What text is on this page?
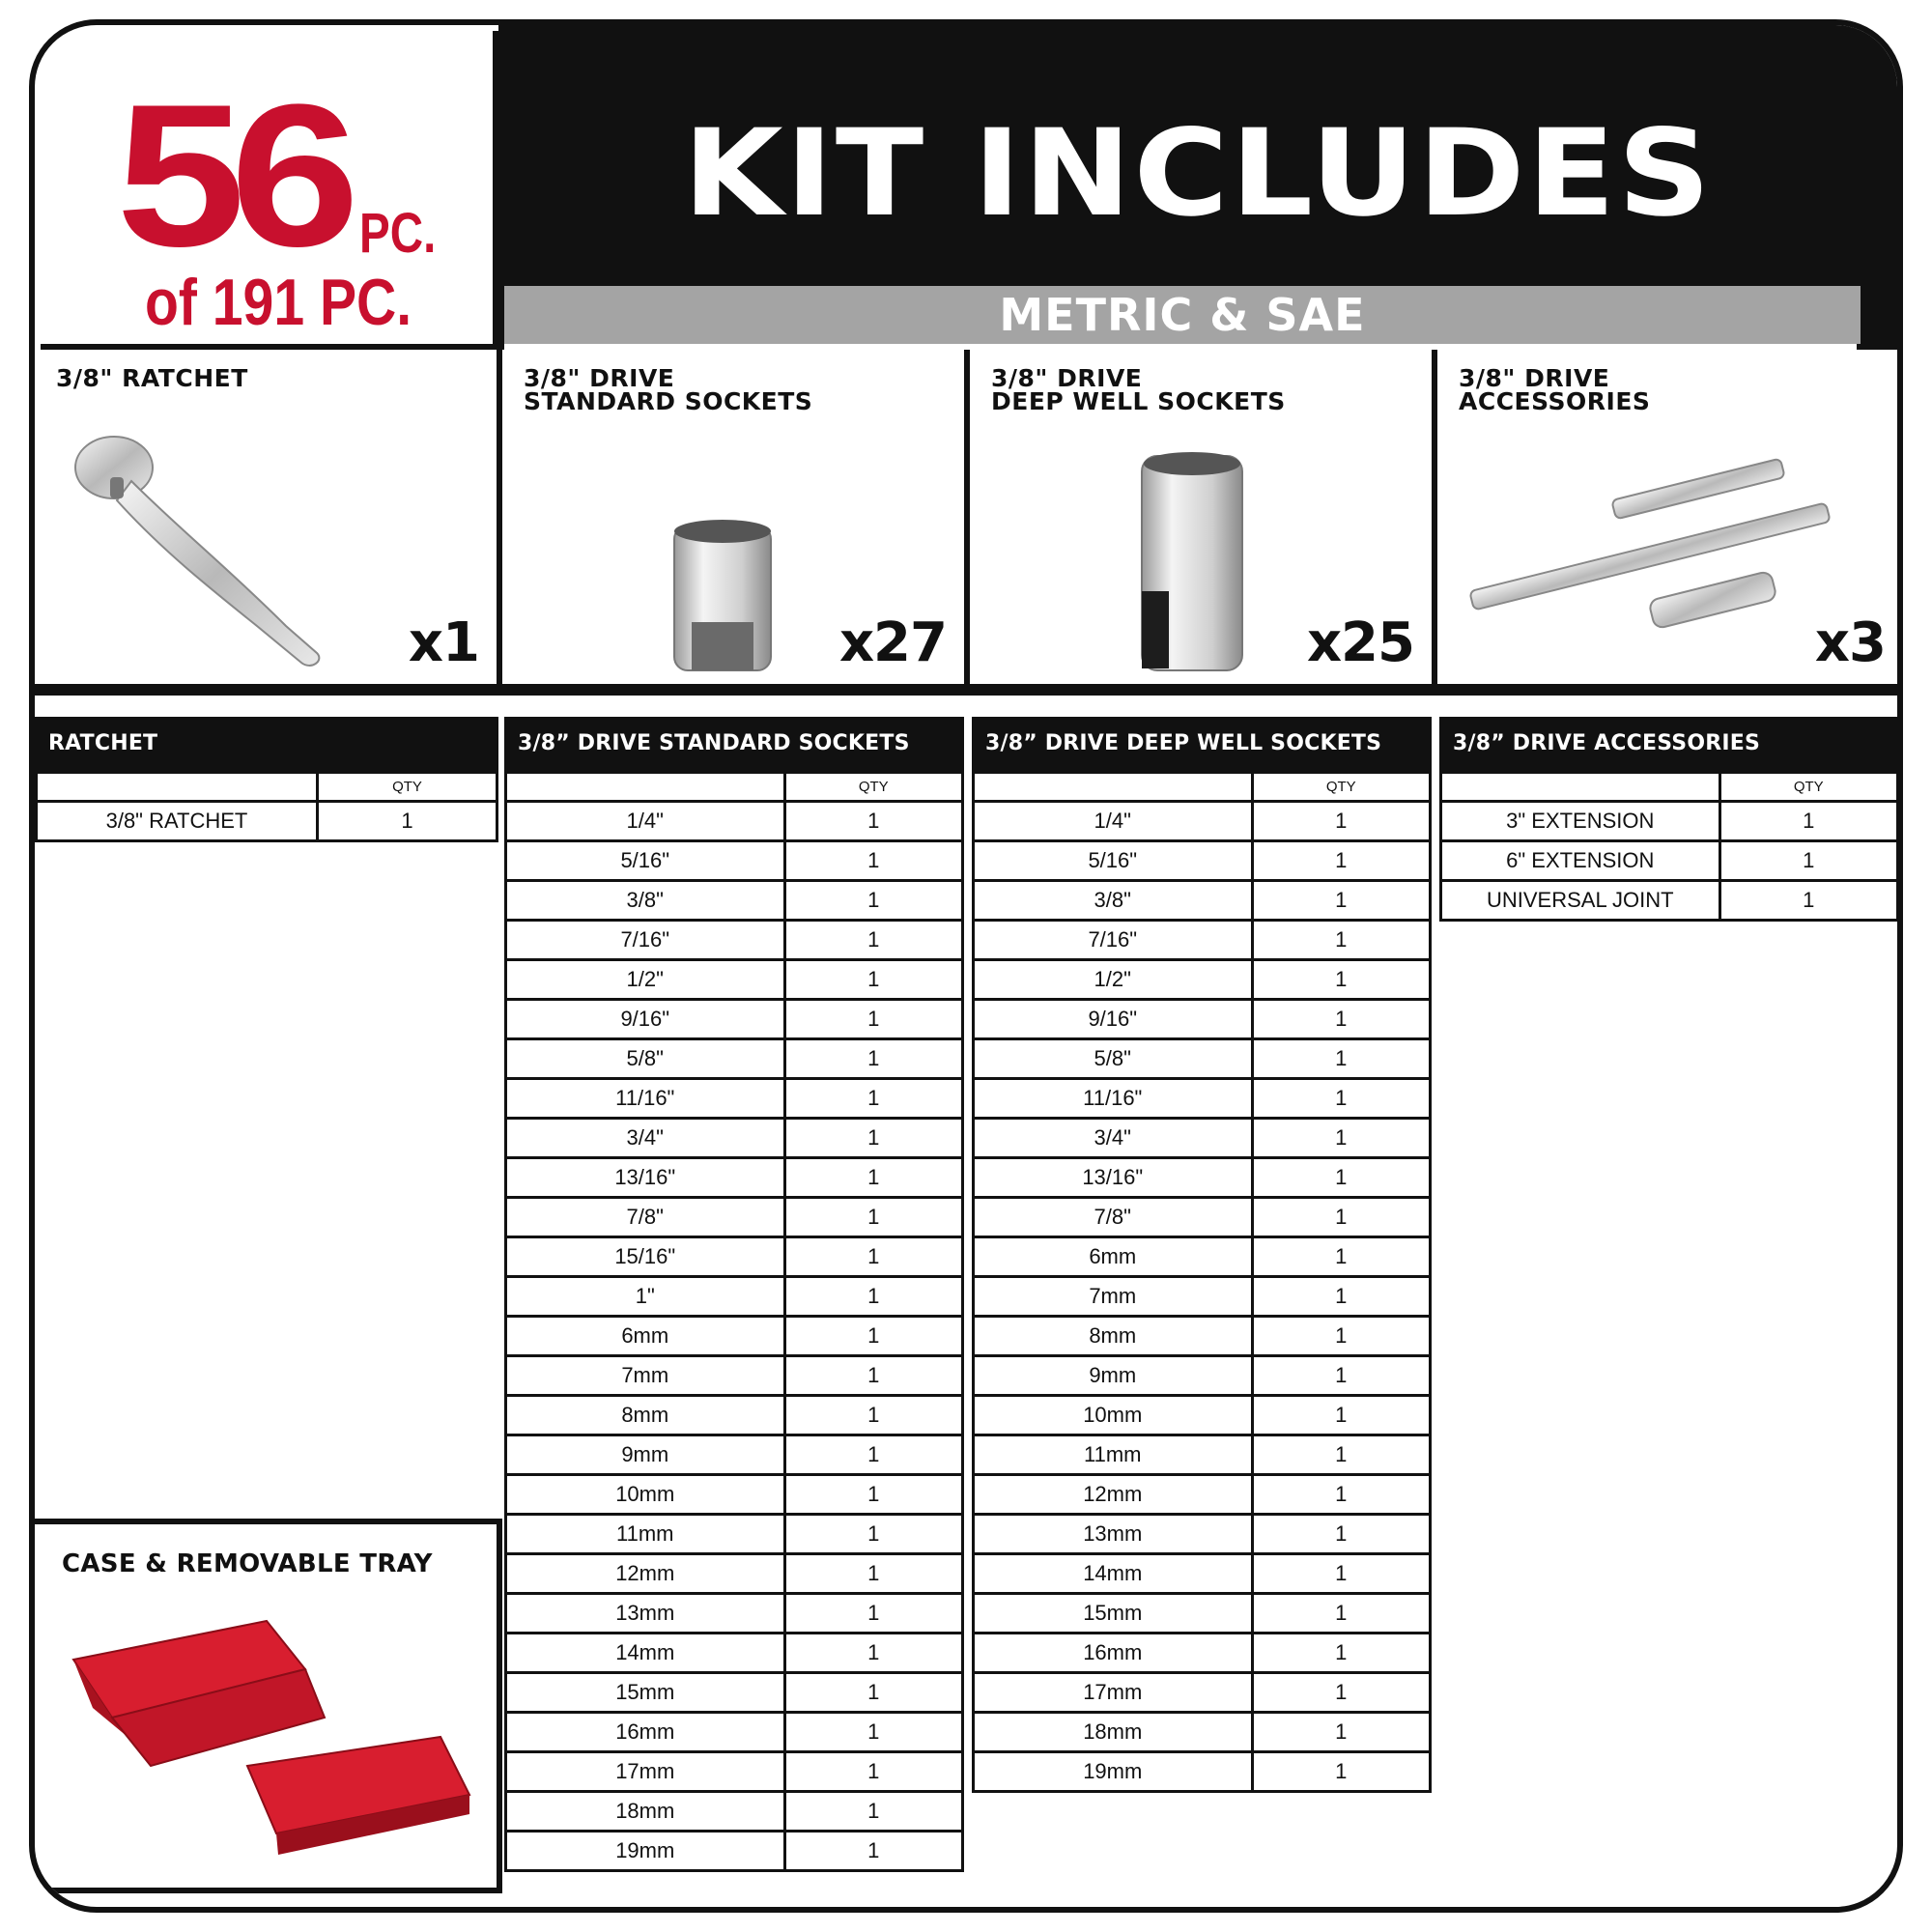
56 PC.
of 191 PC.
KIT INCLUDES
METRIC & SAE
3/8" RATCHET
x1
3/8" DRIVE
STANDARD SOCKETS
x27
3/8" DRIVE
DEEP WELL SOCKETS
x25
3/8" DRIVE
ACCESSORIES
x3
RATCHET
	QTY
3/8" RATCHET	1
3/8” DRIVE STANDARD SOCKETS
	QTY
1/4"	1
5/16"	1
3/8"	1
7/16"	1
1/2"	1
9/16"	1
5/8"	1
11/16"	1
3/4"	1
13/16"	1
7/8"	1
15/16"	1
1"	1
6mm	1
7mm	1
8mm	1
9mm	1
10mm	1
11mm	1
12mm	1
13mm	1
14mm	1
15mm	1
16mm	1
17mm	1
18mm	1
19mm	1
3/8” DRIVE DEEP WELL SOCKETS
	QTY
1/4"	1
5/16"	1
3/8"	1
7/16"	1
1/2"	1
9/16"	1
5/8"	1
11/16"	1
3/4"	1
13/16"	1
7/8"	1
6mm	1
7mm	1
8mm	1
9mm	1
10mm	1
11mm	1
12mm	1
13mm	1
14mm	1
15mm	1
16mm	1
17mm	1
18mm	1
19mm	1
3/8” DRIVE ACCESSORIES
	QTY
3" EXTENSION	1
6" EXTENSION	1
UNIVERSAL JOINT	1
CASE & REMOVABLE TRAY
